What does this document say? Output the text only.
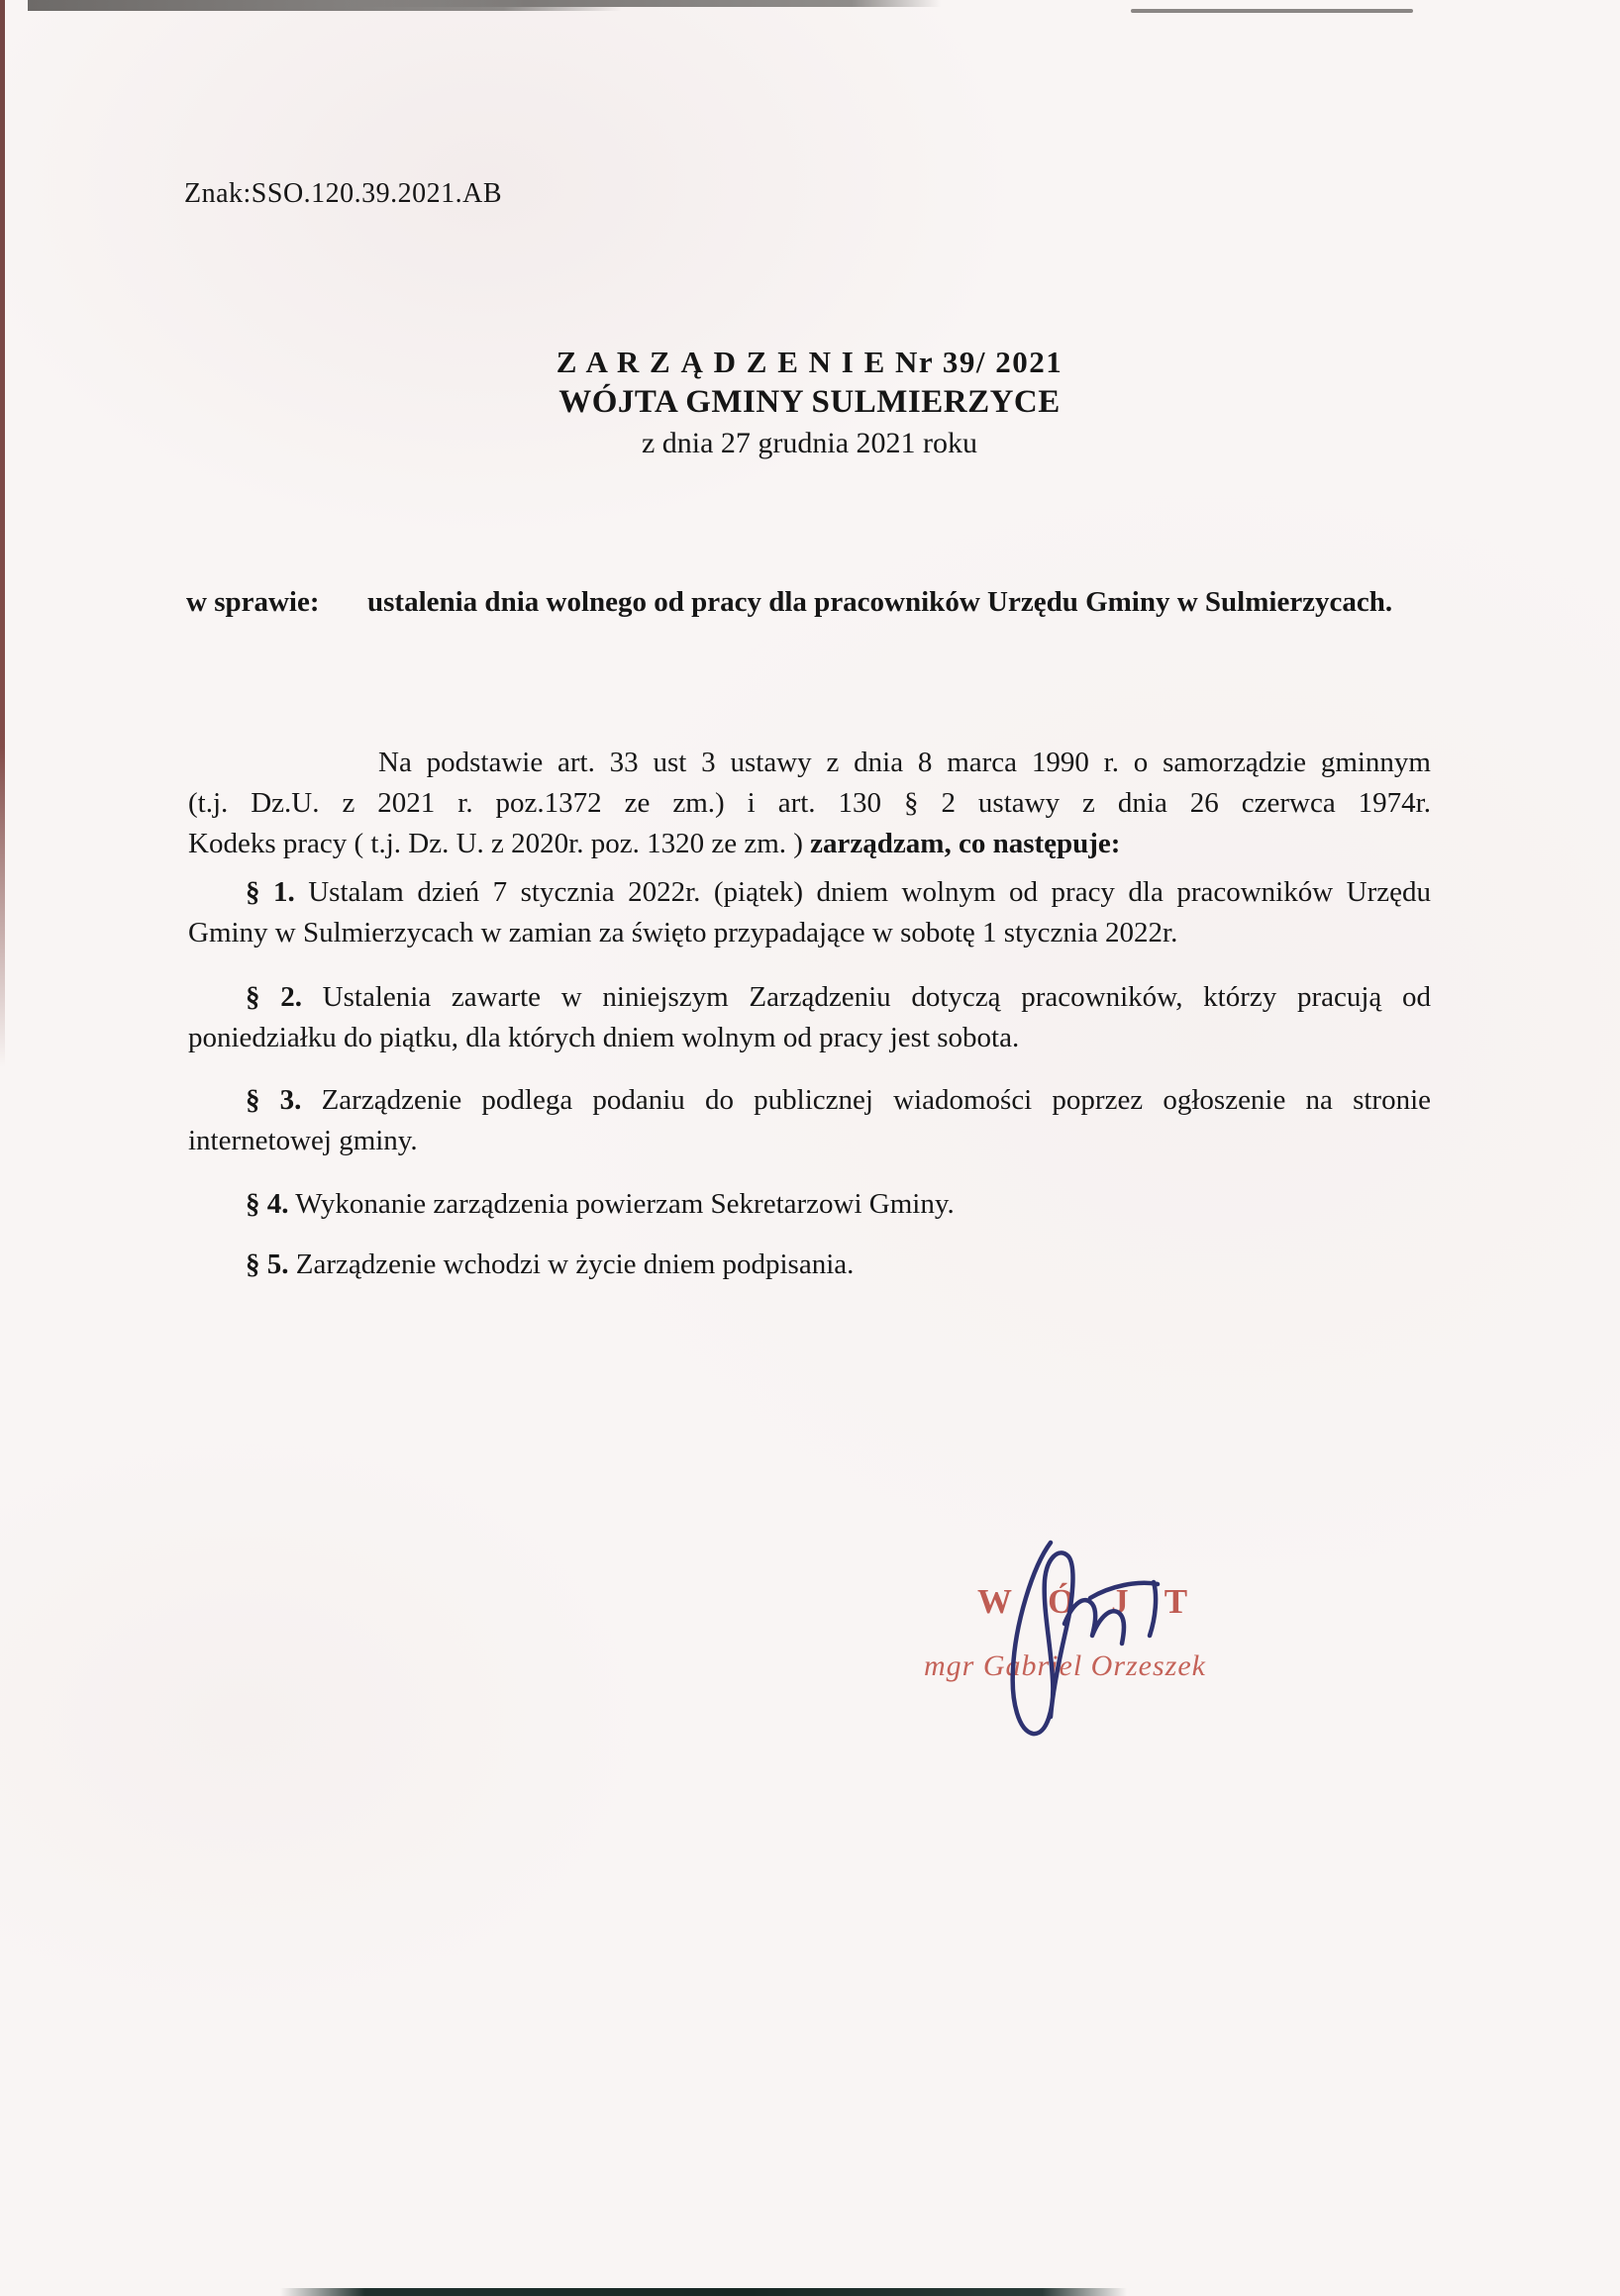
Znak:SSO.120.39.2021.AB
Z A R Z Ą D Z E N I E Nr 39/ 2021
WÓJTA GMINY SULMIERZYCE
z dnia 27 grudnia 2021 roku
w sprawie: ustalenia dnia wolnego od pracy dla pracowników Urzędu Gminy w Sulmierzycach.
Na podstawie art. 33 ust 3 ustawy z dnia 8 marca 1990 r. o samorządzie gminnym
(t.j. Dz.U. z 2021 r. poz.1372 ze zm.) i art. 130 § 2 ustawy z dnia 26 czerwca 1974r.
Kodeks pracy ( t.j. Dz. U. z 2020r. poz. 1320 ze zm. ) zarządzam, co następuje:
§ 1. Ustalam dzień 7 stycznia 2022r. (piątek) dniem wolnym od pracy dla pracowników Urzędu Gminy w Sulmierzycach w zamian za święto przypadające w sobotę 1 stycznia 2022r.
§ 2. Ustalenia zawarte w niniejszym Zarządzeniu dotyczą pracowników, którzy pracują od poniedziałku do piątku, dla których dniem wolnym od pracy jest sobota.
§ 3. Zarządzenie podlega podaniu do publicznej wiadomości poprzez ogłoszenie na stronie internetowej gminy.
§ 4. Wykonanie zarządzenia powierzam Sekretarzowi Gminy.
§ 5. Zarządzenie wchodzi w życie dniem podpisania.
W Ó J T
mgr Gabriel Orzeszek
